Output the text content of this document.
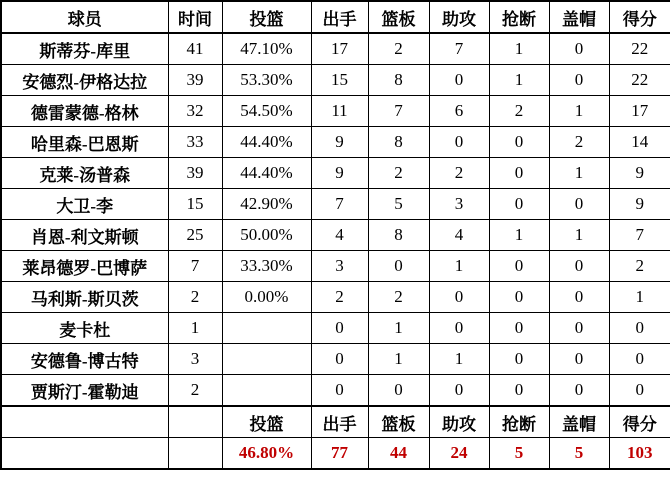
球员	时间	投篮	出手	篮板	助攻	抢断	盖帽	得分
斯蒂芬-库里	41	47.10%	17	2	7	1	0	22
安德烈-伊格达拉	39	53.30%	15	8	0	1	0	22
德雷蒙德-格林	32	54.50%	11	7	6	2	1	17
哈里森-巴恩斯	33	44.40%	9	8	0	0	2	14
克莱-汤普森	39	44.40%	9	2	2	0	1	9
大卫-李	15	42.90%	7	5	3	0	0	9
肖恩-利文斯顿	25	50.00%	4	8	4	1	1	7
莱昂德罗-巴博萨	7	33.30%	3	0	1	0	0	2
马利斯-斯贝茨	2	0.00%	2	2	0	0	0	1
麦卡杜	1		0	1	0	0	0	0
安德鲁-博古特	3		0	1	1	0	0	0
贾斯汀-霍勒迪	2		0	0	0	0	0	0
		投篮	出手	篮板	助攻	抢断	盖帽	得分
		46.80%	77	44	24	5	5	103
